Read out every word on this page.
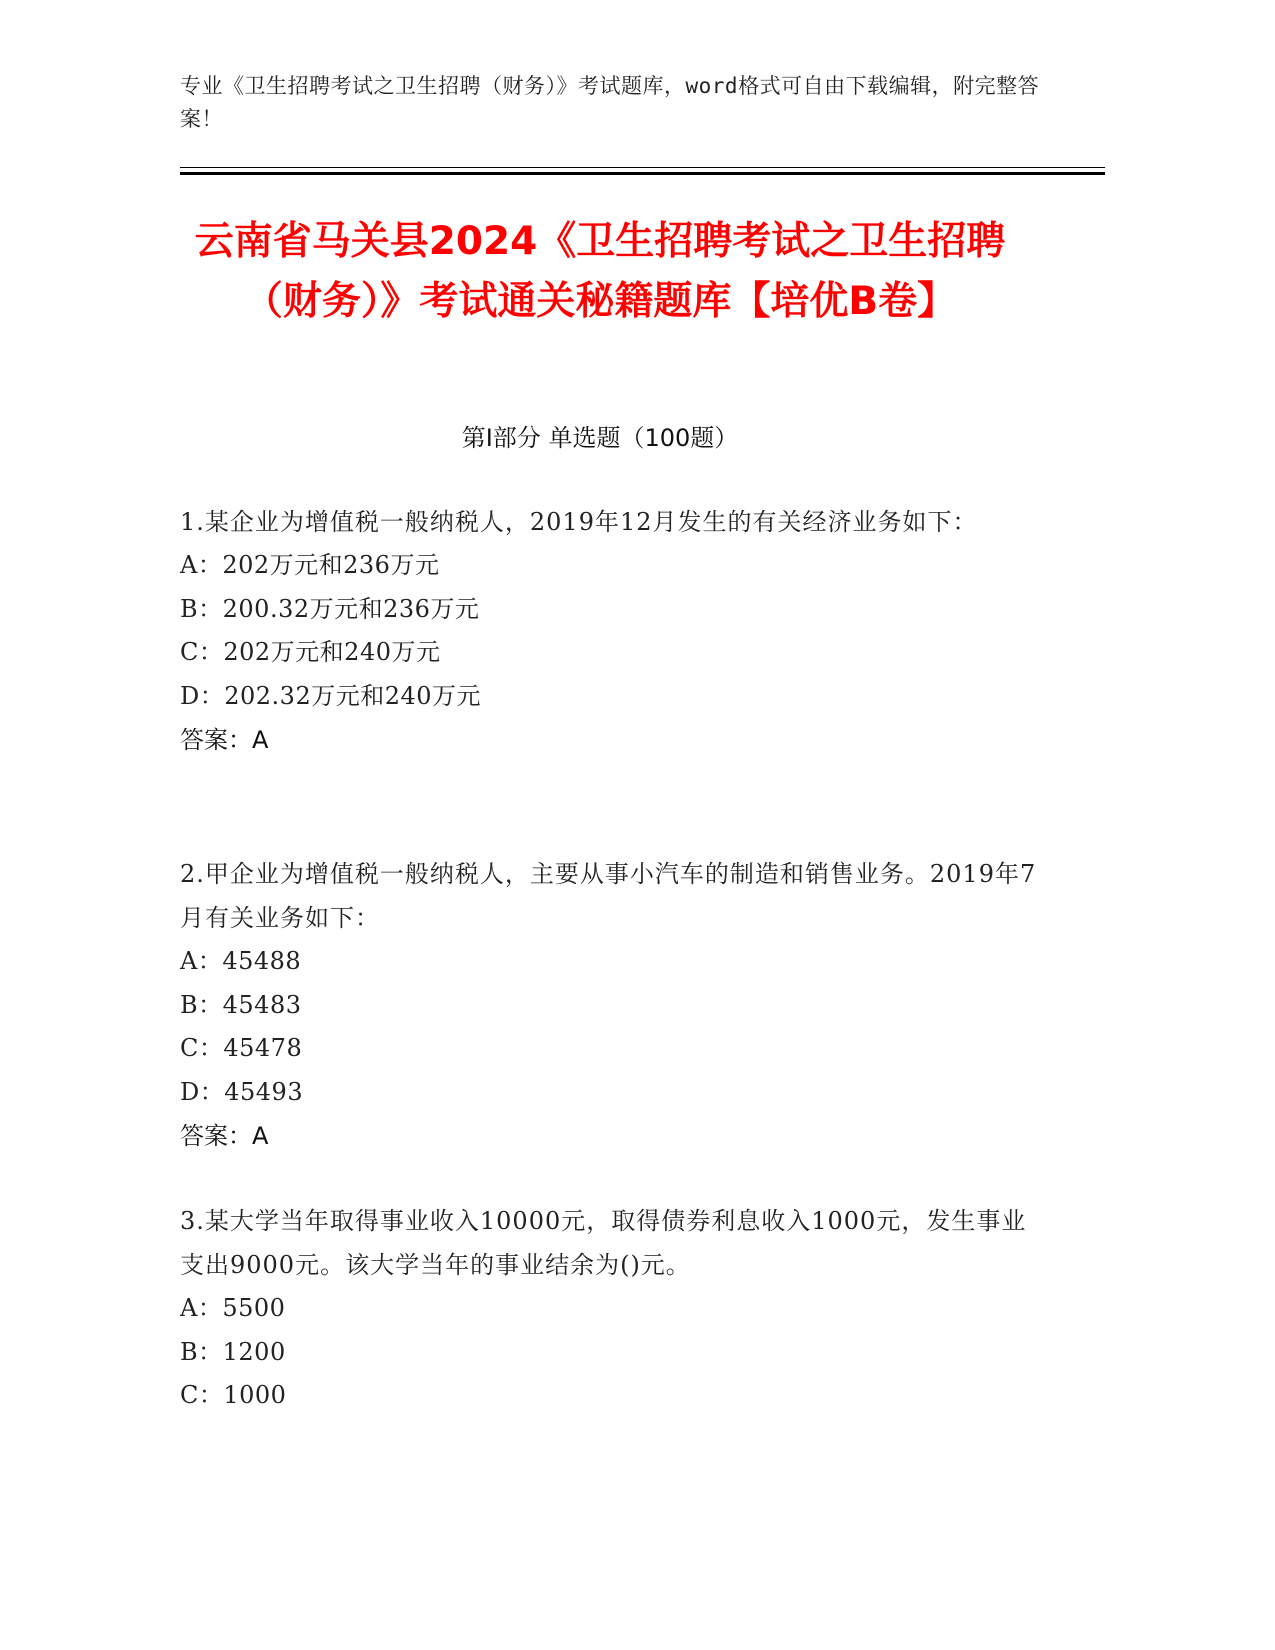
专业《卫生招聘考试之卫生招聘（财务）》考试题库，word格式可自由下载编辑，附完整答案！
云南省马关县2024《卫生招聘考试之卫生招聘（财务）》考试通关秘籍题库【培优B卷】
第Ⅰ部分 单选题（100题）
1.某企业为增值税一般纳税人，2019年12月发生的有关经济业务如下：
A：202万元和236万元
B：200.32万元和236万元
C：202万元和240万元
D：202.32万元和240万元
答案：A
2.甲企业为增值税一般纳税人，主要从事小汽车的制造和销售业务。2019年7月有关业务如下：
A：45488
B：45483
C：45478
D：45493
答案：A
3.某大学当年取得事业收入10000元，取得债券利息收入1000元，发生事业支出9000元。该大学当年的事业结余为()元。
A：5500
B：1200
C：1000
